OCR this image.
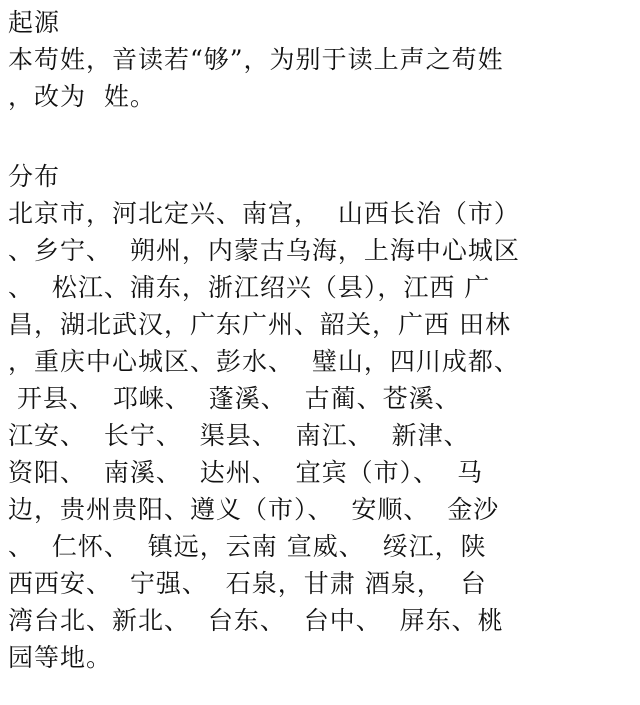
起源
本苟姓，音读若“够”，为别于读上声之苟姓
，改为  姓。
分布
北京市，河北定兴、南宫，  山西长治（市）
、乡宁、  朔州，内蒙古乌海，上海中心城区
、  松江、浦东，浙江绍兴（县），江西 广
昌，湖北武汉，广东广州、韶关，广西 田林
，重庆中心城区、彭水、  璧山，四川成都、
开县、  邛崃、  蓬溪、  古蔺、苍溪、
江安、  长宁、  渠县、  南江、  新津、
资阳、  南溪、  达州、  宜宾（市）、  马
边，贵州贵阳、遵义（市）、  安顺、  金沙
、  仁怀、  镇远，云南 宣威、  绥江，陕
西西安、  宁强、  石泉，甘肃 酒泉，  台
湾台北、新北、  台东、  台中、  屏东、桃
园等地。
